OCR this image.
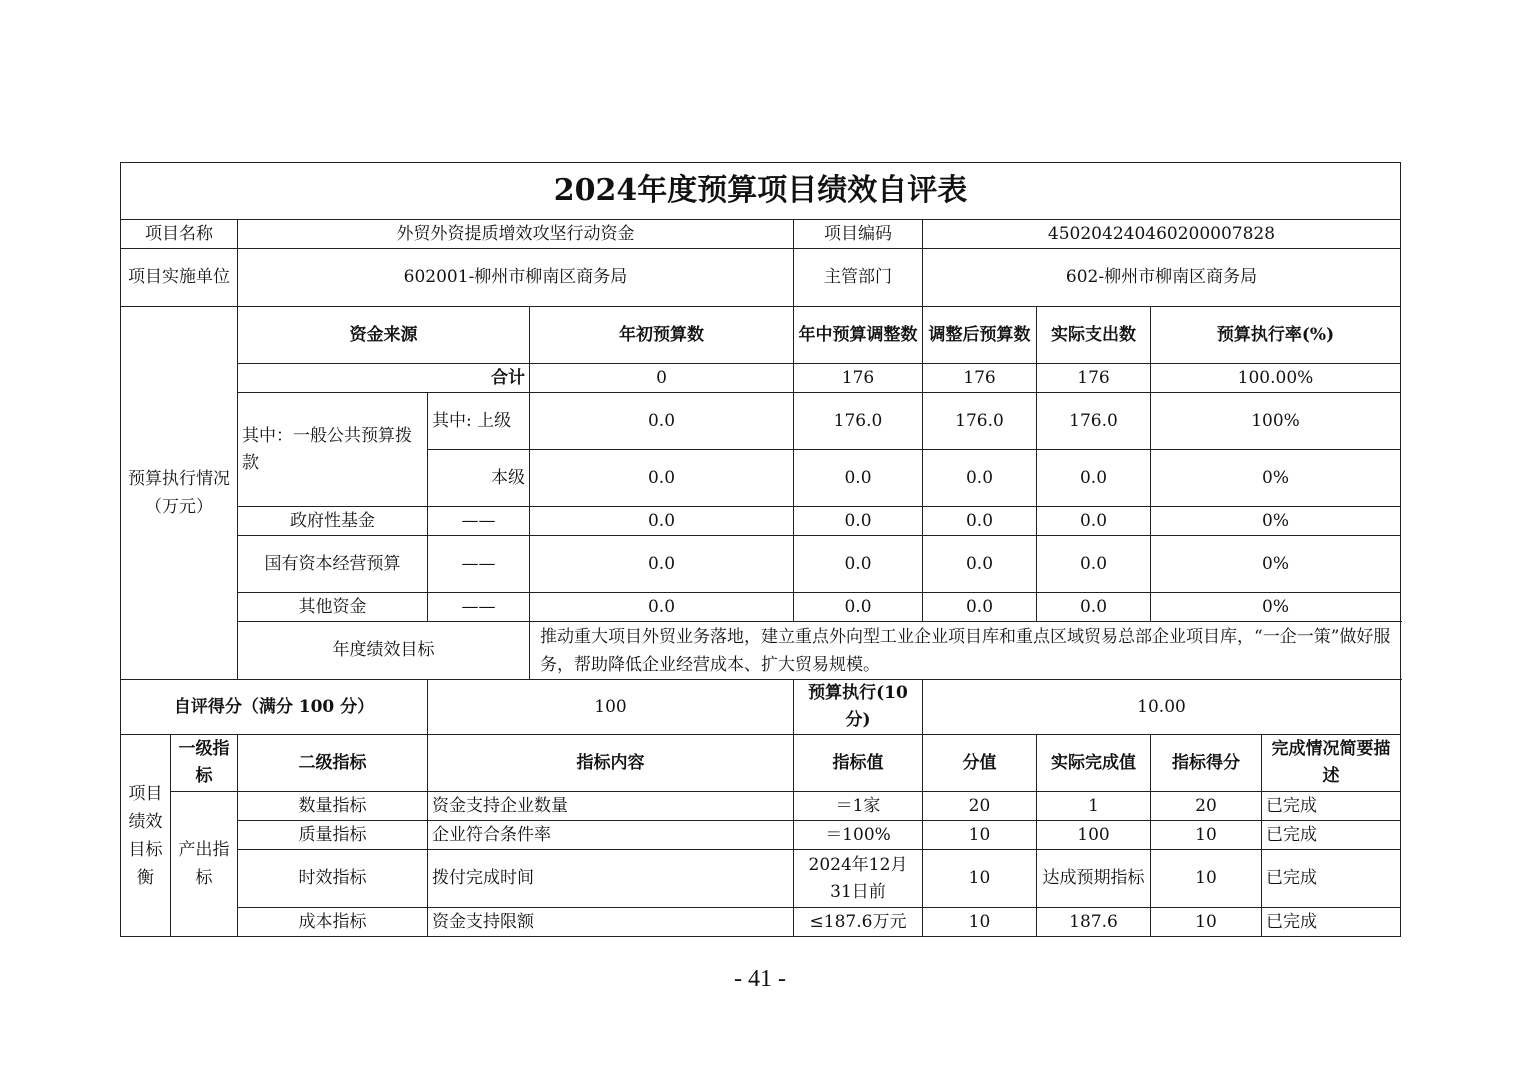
2024年度预算项目绩效自评表									
项目名称		外贸外资提质增效攻坚行动资金			项目编码	450204240460200007828			
项目实施单位		602001-柳州市柳南区商务局			主管部门	602-柳州市柳南区商务局			
预算执行情况（万元）		资金来源		年初预算数	年中预算调整数	调整后预算数	实际支出数	预算执行率(%)	
		合计		0	176	176	176	100.00%	
		其中：一般公共预算拨款	其中: 上级	0.0	176.0	176.0	176.0	100%	
			本级	0.0	0.0	0.0	0.0	0%	
		政府性基金	——	0.0	0.0	0.0	0.0	0%	
		国有资本经营预算	——	0.0	0.0	0.0	0.0	0%	
		其他资金	——	0.0	0.0	0.0	0.0	0%	
		年度绩效目标		推动重大项目外贸业务落地，建立重点外向型工业企业项目库和重点区域贸易总部企业项目库，“一企一策”做好服务，帮助降低企业经营成本、扩大贸易规模。					
自评得分（满分 100 分）			100		预算执行(10分)	10.00			
项目绩效目标衡	一级指标	二级指标	指标内容		指标值	分值	实际完成值	指标得分	完成情况简要描述
	产出指标	数量指标	资金支持企业数量		＝1家	20	1	20	已完成
		质量指标	企业符合条件率		＝100%	10	100	10	已完成
		时效指标	拨付完成时间		2024年12月31日前	10	达成预期指标	10	已完成
		成本指标	资金支持限额		≤187.6万元	10	187.6	10	已完成
- 41 -
